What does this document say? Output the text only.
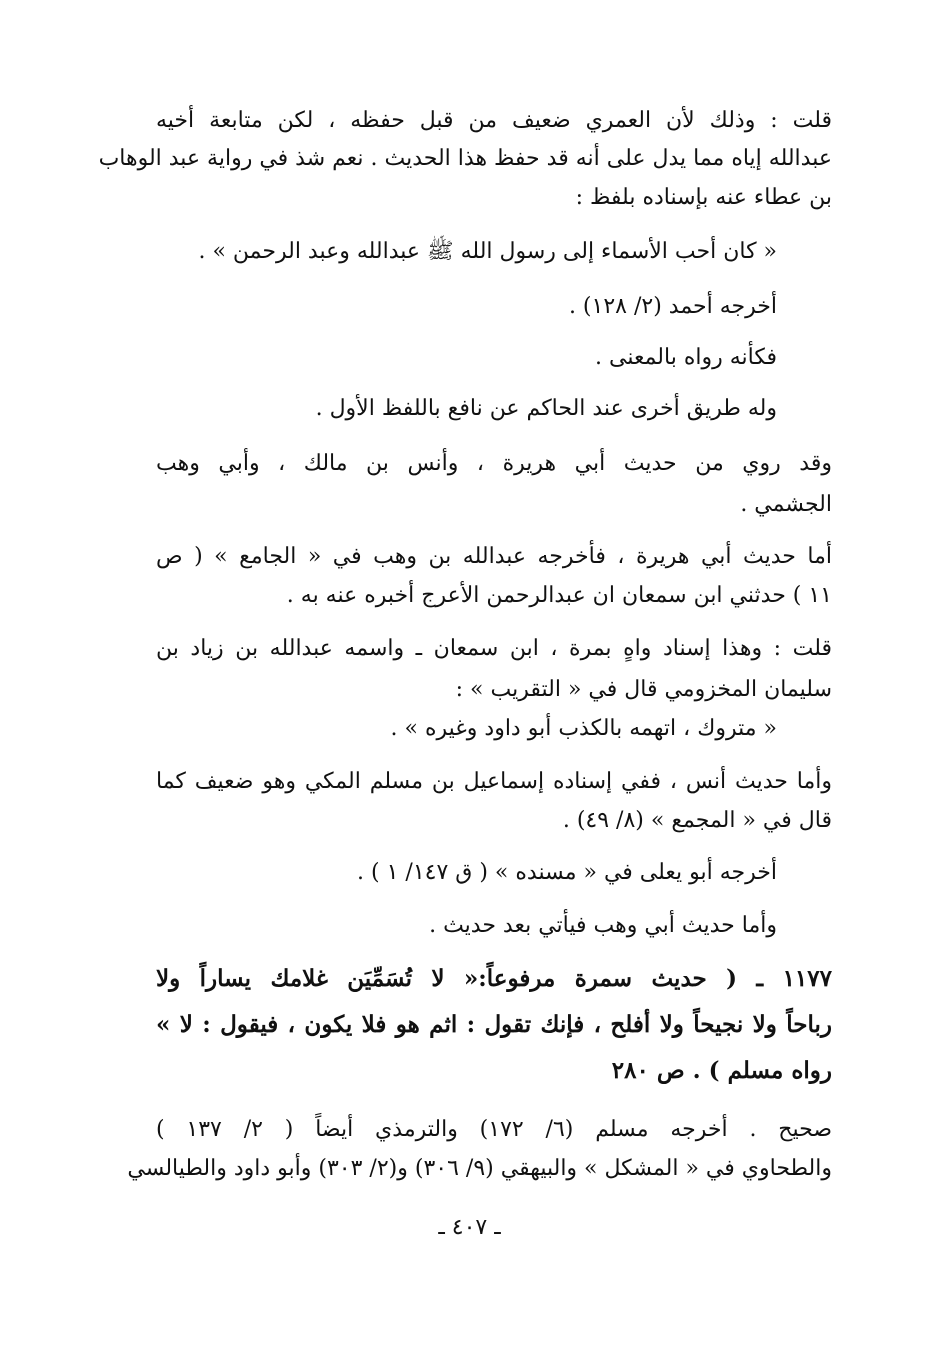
قلت : وذلك لأن العمري ضعيف من قبل حفظه ، لكن متابعة أخيه

عبدالله إياه مما يدل على أنه قد حفظ هذا الحديث . نعم شذ في رواية عبد الوهاب

بن عطاء عنه بإسناده بلفظ :

« كان أحب الأسماء إلى رسول الله ﷺ عبدالله وعبد الرحمن » .

أخرجه أحمد (٢/ ١٢٨) .

فكأنه رواه بالمعنى .

وله طريق أخرى عند الحاكم عن نافع باللفظ الأول .

وقد روي من حديث أبي هريرة ، وأنس بن مالك ، وأبي وهب

الجشمي .

أما حديث أبي هريرة ، فأخرجه عبدالله بن وهب في « الجامع » ( ص

١١ ) حدثني ابن سمعان ان عبدالرحمن الأعرج أخبره عنه به .

قلت : وهذا إسناد واهٍ بمرة ، ابن سمعان ـ واسمه عبدالله بن زياد بن

سليمان المخزومي قال في « التقريب » :

« متروك ، اتهمه بالكذب أبو داود وغيره » .

وأما حديث أنس ، ففي إسناده إسماعيل بن مسلم المكي وهو ضعيف كما

قال في « المجمع » (٨/ ٤٩) .

أخرجه أبو يعلى في « مسنده » ( ق ١٤٧/ ١ ) .

وأما حديث أبي وهب فيأتي بعد حديث .

١١٧٧ ـ ( حديث سمرة مرفوعاً:« لا تُسَمِّيَن غلامك يساراً ولا

رباحاً ولا نجيحاً ولا أفلح ، فإنك تقول : اثم هو فلا يكون ، فيقول : لا »

رواه مسلم ) . ص ٢٨٠

صحيح . أخرجه مسلم (٦/ ١٧٢) والترمذي أيضاً ( ٢/ ١٣٧ )

والطحاوي في « المشكل » والبيهقي (٩/ ٣٠٦) و(٢/ ٣٠٣) وأبو داود والطيالسي

ـ ٤٠٧ ـ
